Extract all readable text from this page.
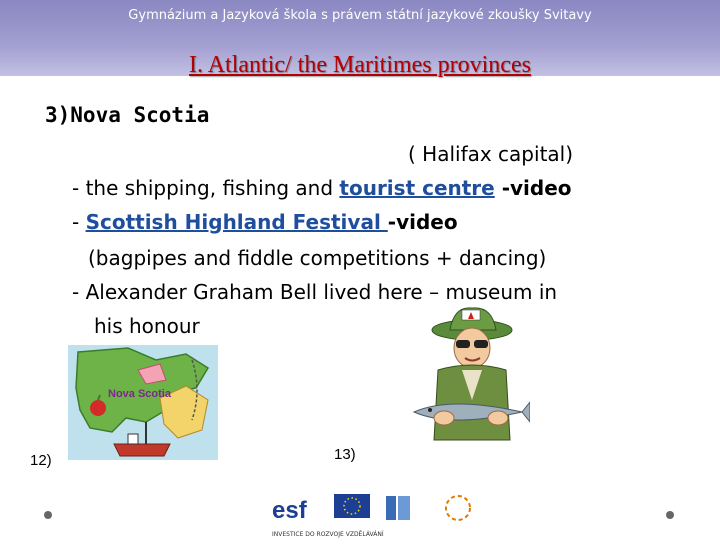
Gymnázium a Jazyková škola s právem státní jazykové zkoušky Svitavy
I. Atlantic/ the Maritimes provinces
3)Nova Scotia
( Halifax capital)
- the shipping, fishing and tourist centre -video
- Scottish Highland Festival -video
(bagpipes and fiddle competitions + dancing)
- Alexander Graham Bell lived here – museum in
his honour
Nova Scotia
12)	13)
esf
INVESTICE DO ROZVOJE VZDĚLÁVÁNÍ
